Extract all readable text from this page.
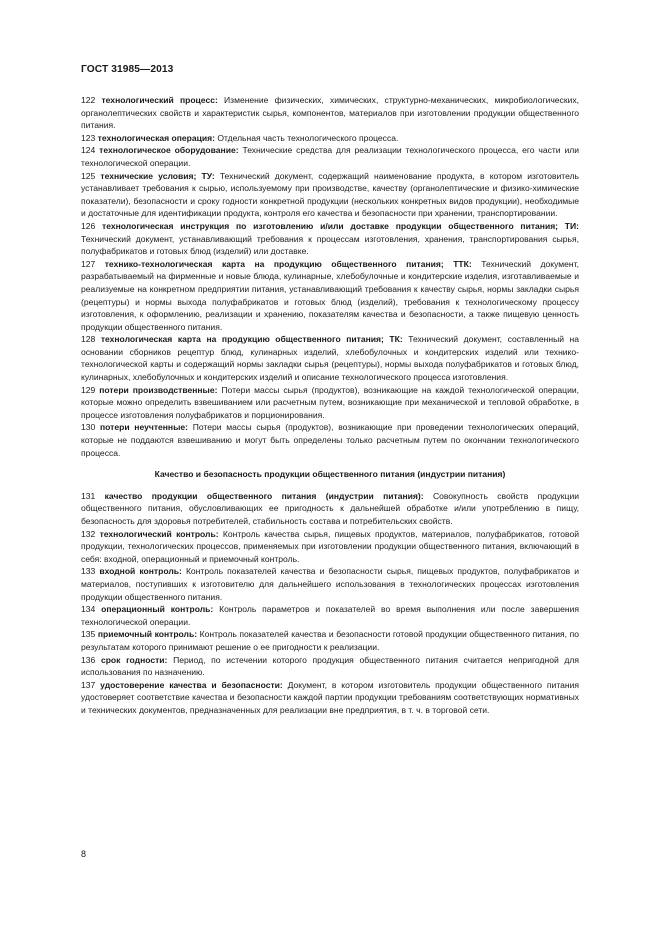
ГОСТ 31985—2013

122 технологический процесс: Изменение физических, химических, структурно-механических, микробиологических, органолептических свойств и характеристик сырья, компонентов, материалов при изготовлении продукции общественного питания.

123 технологическая операция: Отдельная часть технологического процесса.

124 технологическое оборудование: Технические средства для реализации технологического процесса, его части или технологической операции.

125 технические условия; ТУ: Технический документ, содержащий наименование продукта, в котором изготовитель устанавливает требования к сырью, используемому при производстве, качеству (органолептические и физико-химические показатели), безопасности и сроку годности конкретной продукции (нескольких конкретных видов продукции), необходимые и достаточные для идентификации продукта, контроля его качества и безопасности при хранении, транспортировании.

126 технологическая инструкция по изготовлению и/или доставке продукции общественного питания; ТИ: Технический документ, устанавливающий требования к процессам изготовления, хранения, транспортирования сырья, полуфабрикатов и готовых блюд (изделий) или доставке.

127 технико-технологическая карта на продукцию общественного питания; ТТК: Технический документ, разрабатываемый на фирменные и новые блюда, кулинарные, хлебобулочные и кондитерские изделия, изготавливаемые и реализуемые на конкретном предприятии питания, устанавливающий требования к качеству сырья, нормы закладки сырья (рецептуры) и нормы выхода полуфабрикатов и готовых блюд (изделий), требования к технологическому процессу изготовления, к оформлению, реализации и хранению, показателям качества и безопасности, а также пищевую ценность продукции общественного питания.

128 технологическая карта на продукцию общественного питания; ТК: Технический документ, составленный на основании сборников рецептур блюд, кулинарных изделий, хлебобулочных и кондитерских изделий или технико-технологической карты и содержащий нормы закладки сырья (рецептуры), нормы выхода полуфабрикатов и готовых блюд, кулинарных, хлебобулочных и кондитерских изделий и описание технологического процесса изготовления.

129 потери производственные: Потери массы сырья (продуктов), возникающие на каждой технологической операции, которые можно определить взвешиванием или расчетным путем, возникающие при механической и тепловой обработке, в процессе изготовления полуфабрикатов и порционирования.

130 потери неучтенные: Потери массы сырья (продуктов), возникающие при проведении технологических операций, которые не поддаются взвешиванию и могут быть определены только расчетным путем по окончании технологического процесса.

Качество и безопасность продукции общественного питания (индустрии питания)

131 качество продукции общественного питания (индустрии питания): Совокупность свойств продукции общественного питания, обусловливающих ее пригодность к дальнейшей обработке и/или употреблению в пищу, безопасность для здоровья потребителей, стабильность состава и потребительских свойств.

132 технологический контроль: Контроль качества сырья, пищевых продуктов, материалов, полуфабрикатов, готовой продукции, технологических процессов, применяемых при изготовлении продукции общественного питания, включающий в себя: входной, операционный и приемочный контроль.

133 входной контроль: Контроль показателей качества и безопасности сырья, пищевых продуктов, полуфабрикатов и материалов, поступивших к изготовителю для дальнейшего использования в технологических процессах изготовления продукции общественного питания.

134 операционный контроль: Контроль параметров и показателей во время выполнения или после завершения технологической операции.

135 приемочный контроль: Контроль показателей качества и безопасности готовой продукции общественного питания, по результатам которого принимают решение о ее пригодности к реализации.

136 срок годности: Период, по истечении которого продукция общественного питания считается непригодной для использования по назначению.

137 удостоверение качества и безопасности: Документ, в котором изготовитель продукции общественного питания удостоверяет соответствие качества и безопасности каждой партии продукции требованиям соответствующих нормативных и технических документов, предназначенных для реализации вне предприятия, в т. ч. в торговой сети.

8
